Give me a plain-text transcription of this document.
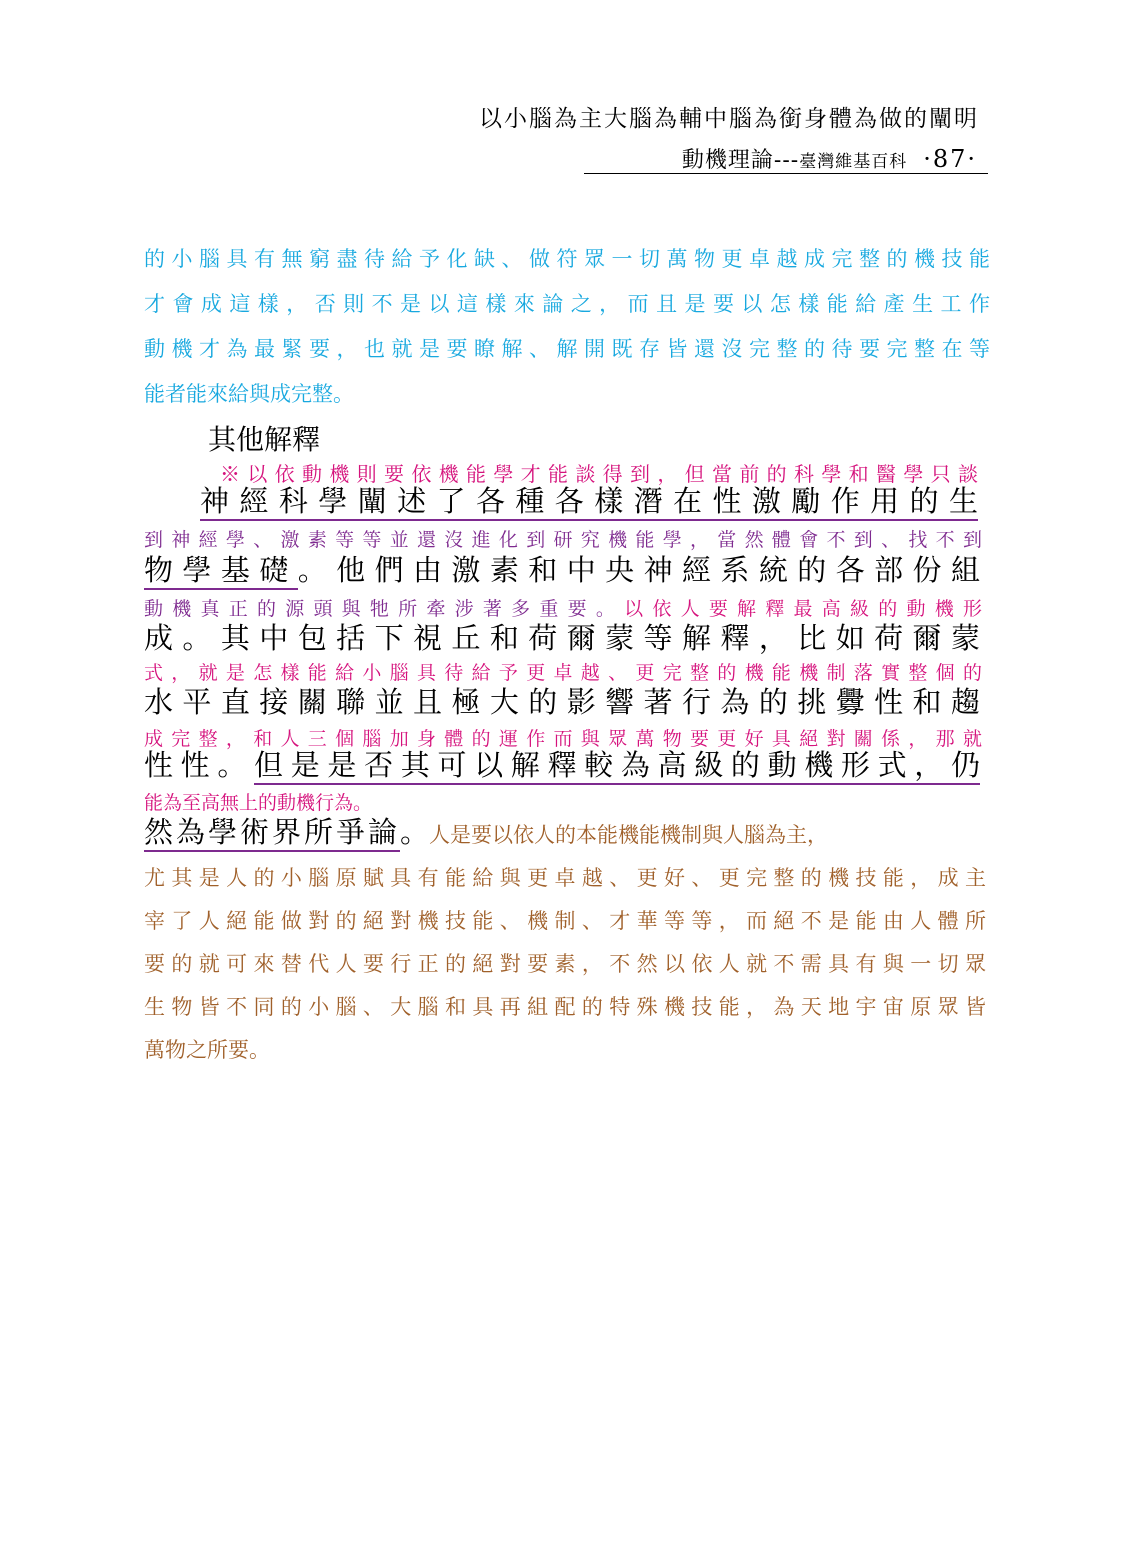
以小腦為主大腦為輔中腦為銜身體為做的闡明
動機理論---臺灣維基百科 ·87·

的小腦具有無窮盡待給予化缺、做符眾一切萬物更卓越成完整的機技能

才會成這樣，否則不是以這樣來論之，而且是要以怎樣能給產生工作

動機才為最緊要，也就是要瞭解、解開既存皆還沒完整的待要完整在等

能者能來給與成完整。

其他解釋

※以依動機則要依機能學才能談得到，但當前的科學和醫學只談

神經科學闡述了各種各樣潛在性激勵作用的生

到神經學、激素等等並還沒進化到研究機能學，當然體會不到、找不到

物學基礎。他們由激素和中央神經系統的各部份組

動機真正的源頭與牠所牽涉著多重要。以依人要解釋最高級的動機形

成。其中包括下視丘和荷爾蒙等解釋，比如荷爾蒙

式，就是怎樣能給小腦具待給予更卓越、更完整的機能機制落實整個的

水平直接關聯並且極大的影響著行為的挑釁性和趨

成完整，和人三個腦加身體的運作而與眾萬物要更好具絕對關係，那就

性性。但是是否其可以解釋較為高級的動機形式，仍

能為至高無上的動機行為。

然為學術界所爭論。人是要以依人的本能機能機制與人腦為主，

尤其是人的小腦原賦具有能給與更卓越、更好、更完整的機技能，成主

宰了人絕能做對的絕對機技能、機制、才華等等，而絕不是能由人體所

要的就可來替代人要行正的絕對要素，不然以依人就不需具有與一切眾

生物皆不同的小腦、大腦和具再組配的特殊機技能，為天地宇宙原眾皆

萬物之所要。
